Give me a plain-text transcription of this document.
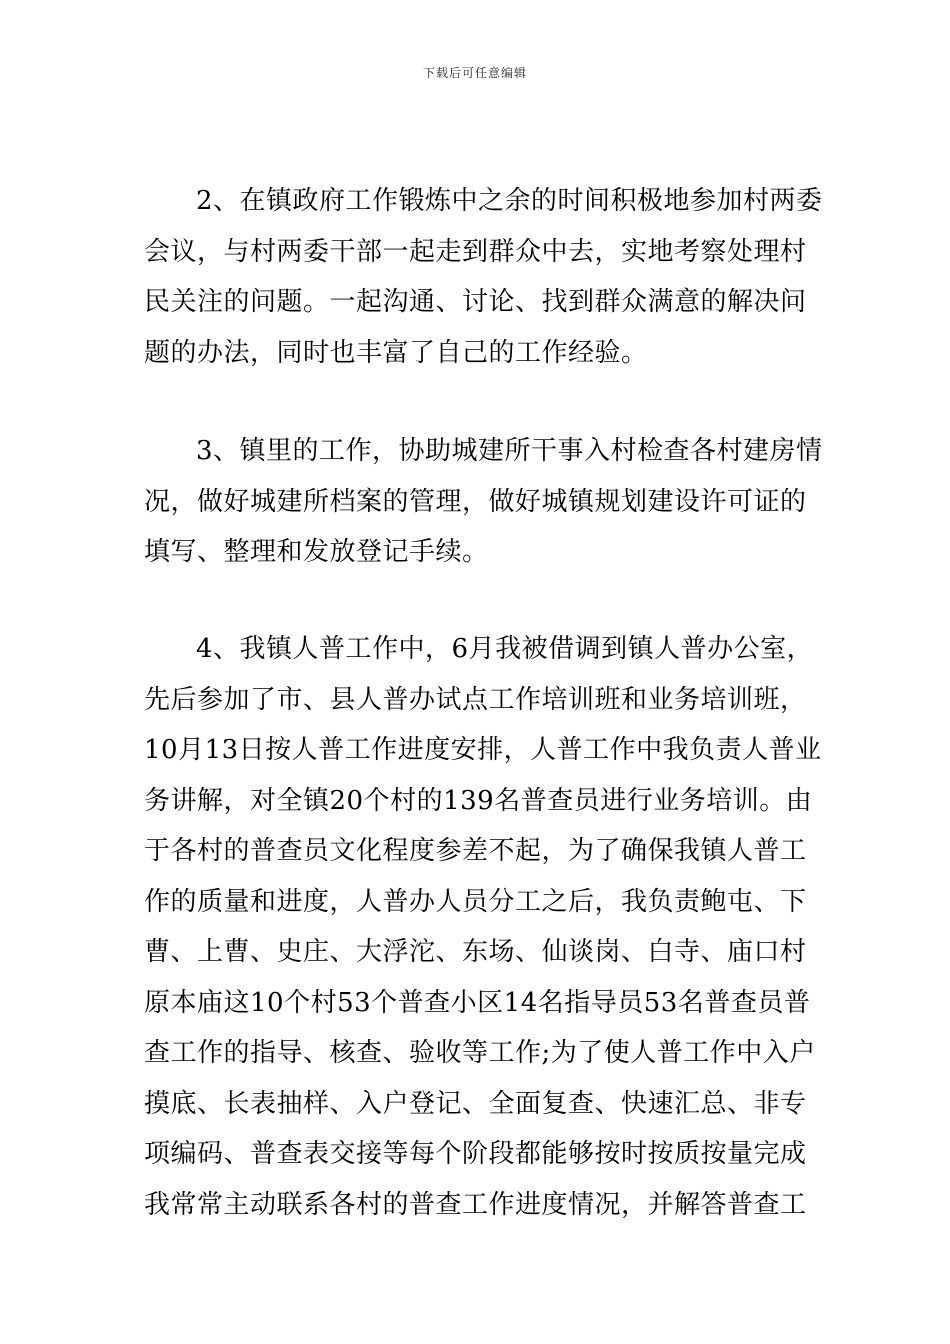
下载后可任意编辑
2、在镇政府工作锻炼中之余的时间积极地参加村两委
会议，与村两委干部一起走到群众中去，实地考察处理村
民关注的问题。一起沟通、讨论、找到群众满意的解决问
题的办法，同时也丰富了自己的工作经验。
3、镇里的工作，协助城建所干事入村检查各村建房情
况，做好城建所档案的管理，做好城镇规划建设许可证的
填写、整理和发放登记手续。
4、我镇人普工作中，6月我被借调到镇人普办公室，
先后参加了市、县人普办试点工作培训班和业务培训班，
10月13日按人普工作进度安排，人普工作中我负责人普业
务讲解，对全镇20个村的139名普查员进行业务培训。由
于各村的普查员文化程度参差不起，为了确保我镇人普工
作的质量和进度，人普办人员分工之后，我负责鲍屯、下
曹、上曹、史庄、大浮沱、东场、仙谈岗、白寺、庙口村
原本庙这10个村53个普查小区14名指导员53名普查员普
查工作的指导、核查、验收等工作;为了使人普工作中入户
摸底、长表抽样、入户登记、全面复查、快速汇总、非专
项编码、普查表交接等每个阶段都能够按时按质按量完成
我常常主动联系各村的普查工作进度情况，并解答普查工
